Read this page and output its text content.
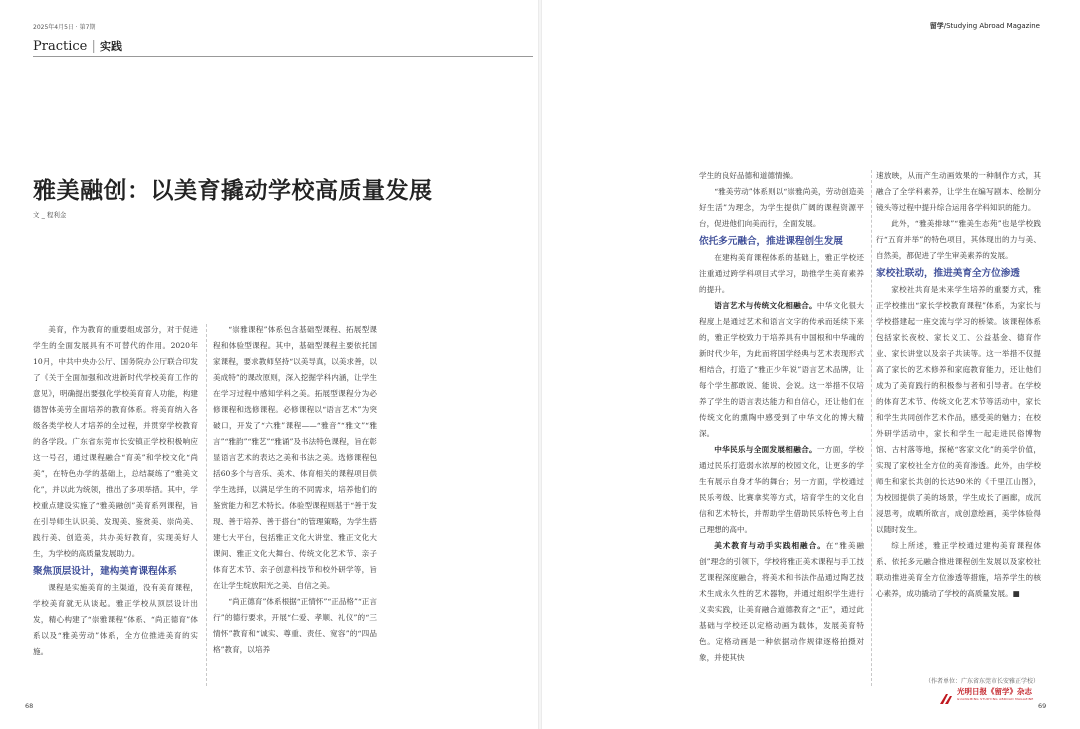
2025年4月5日 · 第7期
Practice | 实践
雅美融创：以美育撬动学校高质量发展
文 _ 程利金

美育，作为教育的重要组成部分，对于促进学生的全面发展具有不可替代的作用。2020年10月，中共中央办公厅、国务院办公厅联合印发了《关于全面加强和改进新时代学校美育工作的意见》，明确提出要强化学校美育育人功能，构建德智体美劳全面培养的教育体系。将美育纳入各级各类学校人才培养的全过程，并贯穿学校教育的各学段。广东省东莞市长安镇正学校积极响应这一号召，通过课程融合“育美”和学校文化“尚美”，在特色办学的基础上，总结凝练了“雅美文化”，并以此为统领，推出了多项举措。其中，学校重点建设实施了“雅美融创”美育系列课程，旨在引导师生认识美、发现美、鉴赏美、崇尚美、践行美、创造美，共办美好教育，实现美好人生，为学校的高质量发展助力。

聚焦顶层设计，建构美育课程体系

课程是实施美育的主渠道，没有美育课程，学校美育就无从谈起。雅正学校从顶层设计出发，精心构建了“崇雅课程”体系、“尚正德育”体系以及“雅美劳动”体系，全方位推进美育的实施。

“崇雅课程”体系包含基础型课程、拓展型课程和体验型课程。其中，基础型课程主要依托国家课程，要求教师坚持“以美导真，以美求善，以美成特”的课改原则，深入挖掘学科内涵，让学生在学习过程中感知学科之美。拓展型课程分为必修课程和选修课程。必修课程以“语言艺术”为突破口，开发了“六雅”课程——“雅音”“雅文”“雅言”“雅韵”“雅艺”“雅诵”及书法特色课程，旨在彰显语言艺术的表达之美和书法之美。选修课程包括60多个与音乐、美术、体育相关的课程项目供学生选择，以满足学生的不同需求，培养他们的鉴赏能力和艺术特长。体验型课程则基于“善于发现、善于培养、善于搭台”的管理策略，为学生搭建七大平台，包括雅正文化大讲堂、雅正文化大课间、雅正文化大舞台、传统文化艺术节、亲子体育艺术节、亲子创意科技节和校外研学等，旨在让学生绽放阳光之美、自信之美。

“尚正德育”体系根据“正情怀”“正品格”“正言行”的德行要求，开展“仁爱、孝顺、礼仪”的“三情怀”教育和“诚实、尊重、责任、宽容”的“四品格”教育，以培养

68
留学/Studying Abroad Magazine

学生的良好品德和道德情操。

“雅美劳动”体系则以“崇雅尚美，劳动创造美好生活”为理念，为学生提供广阔的课程资源平台，促进他们向美而行，全面发展。

依托多元融合，推进课程创生发展

在建构美育课程体系的基础上，雅正学校还注重通过跨学科项目式学习，助推学生美育素养的提升。

语言艺术与传统文化相融合。中华文化很大程度上是通过艺术和语言文字的传承而延续下来的，雅正学校致力于培养具有中国根和中华魂的新时代少年，为此而将国学经典与艺术表现形式相结合，打造了“雅正少年说”语言艺术品牌，让每个学生都敢说、能说、会说。这一举措不仅培养了学生的语言表达能力和自信心，还让他们在传统文化的熏陶中感受到了中华文化的博大精深。

中华民乐与全面发展相融合。一方面，学校通过民乐打造弱水浓厚的校园文化，让更多的学生有展示自身才华的舞台；另一方面，学校通过民乐考级、比赛拿奖等方式，培育学生的文化自信和艺术特长，并帮助学生借助民乐特色考上自己理想的高中。

美术教育与动手实践相融合。在“雅美融创”理念的引领下，学校将雅正美术课程与手工技艺课程深度融合，将美术和书法作品通过陶艺技术生成永久性的艺术器物，并通过组织学生进行义卖实践，让美育融合道德教育之“正”，通过此基础与学校还以定格动画为载体，发展美育特色。定格动画是一种依据动作规律逐格拍摄对象，并使其快

速放映，从而产生动画效果的一种制作方式，其融合了全学科素养，让学生在编写剧本、绘制分镜头等过程中提升综合运用各学科知识的能力。

此外，“雅美排球”“雅美生态苑”也是学校践行“五育并举”的特色项目，其体现出的力与美、自然美，都促进了学生审美素养的发展。

家校社联动，推进美育全方位渗透

家校社共育是未来学生培养的重要方式，雅正学校推出“家长学校教育课程”体系，为家长与学校搭建起一座交流与学习的桥梁。该课程体系包括家长夜校、家长义工、公益基金、德育作业、家长讲堂以及亲子共读等。这一举措不仅提高了家长的艺术修养和家庭教育能力，还让他们成为了美育践行的积极参与者和引导者。在学校的体育艺术节、传统文化艺术节等活动中，家长和学生共同创作艺术作品，感受美的魅力；在校外研学活动中，家长和学生一起走进民俗博物馆、古村落等地，探秘“客家文化”的美学价值，实现了家校社全方位的美育渗透。此外，由学校师生和家长共创的长达90米的《千里江山图》，为校园提供了美的场景，学生成长了画廊，成沉浸思考，成晒所欲言，成创意绘画，美学体验得以随时发生。

综上所述，雅正学校通过建构美育课程体系、依托多元融合推进课程创生发展以及家校社联动推进美育全方位渗透等措施，培养学生的核心素养，成功撬动了学校的高质量发展。■

（作者单位：广东省东莞市长安雅正学校）
光明日报《留学》杂志
GUANGMING STUDYING ABROAD MAGAZINE
69
